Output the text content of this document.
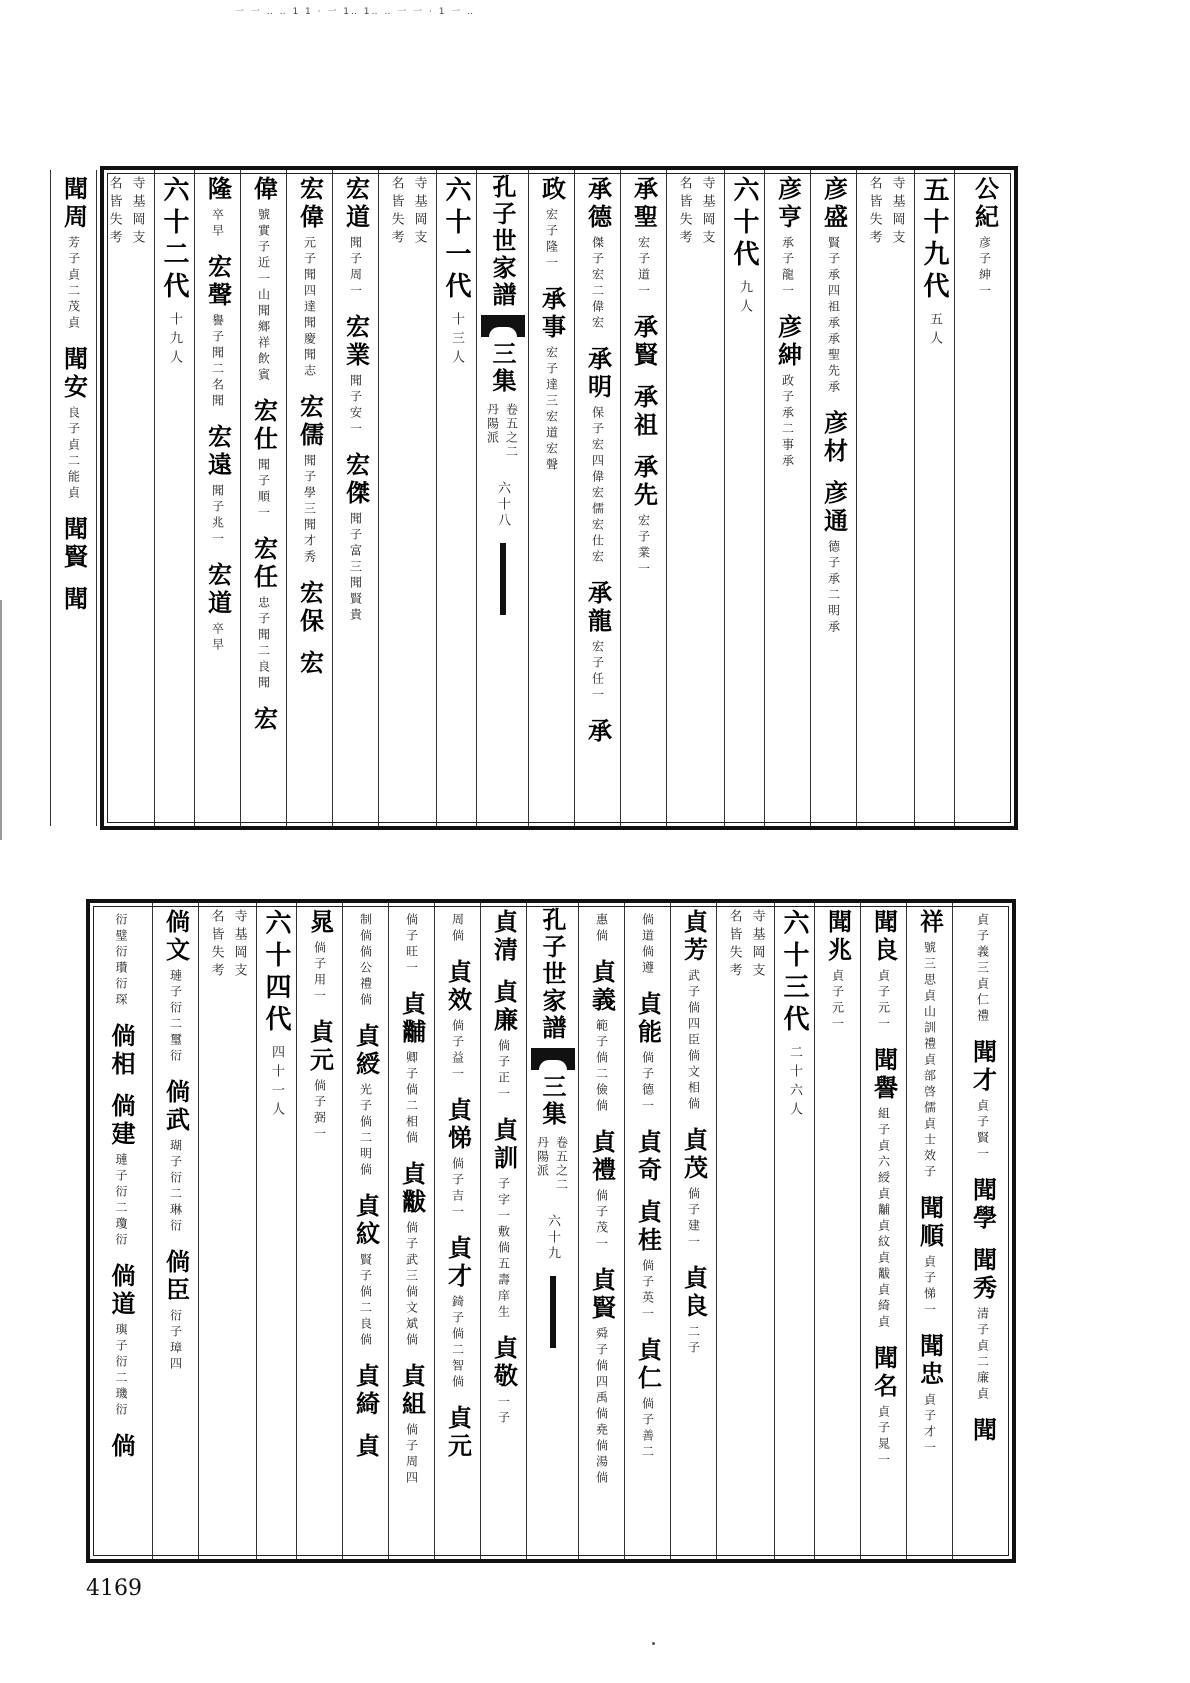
一 一 ‥ ‥ 1 1 · 一 1‥ 1‥ ‥ 一 一 · 1 一 ‥
公紀
彦子紳一
五十九代
五人
寺基岡支
名皆失考
彦盛
賢子承四祖承承聖先承
彦材
彦通
德子承二明承
彦亨
承子龍一
彦紳
政子承二事承
六十代
九人
寺基岡支
名皆失考
承聖
宏子道一
承賢
承祖
承先
宏子業一
承德
傑子宏二偉宏
承明
保子宏四偉宏儒宏仕宏
承龍
宏子任一
承
政
宏子隆一
承事
宏子達三宏道宏聲
孔子世家譜
三集
卷五之二
丹陽派
六十八
六十一代
十三人
寺基岡支
名皆失考
宏道
聞子周一
宏業
聞子安一
宏傑
聞子富三聞賢貴
宏偉
元子聞四達聞慶聞志
宏儒
聞子學三聞才秀
宏保
宏
偉
號實子近一山聞鄉祥飲賓
宏仕
聞子順一
宏任
忠子聞二良聞
宏
隆
卒早
宏聲
譽子聞二名聞
宏遠
聞子兆一
宏道
卒早
六十二代
十九人
寺基岡支
名皆失考
聞周
芳子貞二茂貞
聞安
良子貞二能貞
聞賢
聞
貞子義三貞仁禮
聞才
貞子賢一
聞學
聞秀
清子貞二廉貞
聞
祥
號三思貞山訓禮貞部啓儒貞士效子
聞順
貞子悌一
聞忠
貞子才一
聞良
貞子元一
聞譽
組子貞六綬貞黼貞紋貞黻貞綺貞
聞名
貞子晁一
聞兆
貞子元一
六十三代
二十六人
寺基岡支
名皆失考
貞芳
武子倘四臣倘文相倘
貞茂
倘子建一
貞良
二子
倘道倘遵
貞能
倘子德一
貞奇
貞桂
倘子英一
貞仁
倘子善二
惠倘
貞義
範子倘二儉倘
貞禮
倘子茂一
貞賢
舜子倘四禹倘堯倘湯倘
孔子世家譜
三集
卷五之二
丹陽派
六十九
貞清
貞廉
倘子正一
貞訓
子字一敷倘五壽庠生
貞敬
一子
周倘
貞效
倘子益一
貞悌
倘子吉一
貞才
錡子倘二智倘
貞元
倘子旺一
貞黼
卿子倘二相倘
貞黻
倘子武三倘文斌倘
貞組
倘子周四
制倘倘公禮倘
貞綬
光子倘二明倘
貞紋
賢子倘二良倘
貞綺
貞
晁
倘子用一
貞元
倘子弼一
六十四代
四十一人
寺基岡支
名皆失考
倘文
璉子衍二璽衍
倘武
瑚子衍二琳衍
倘臣
衍子璋四
衍璧衍瓚衍琛
倘相
倘建
璉子衍二瓊衍
倘道
璵子衍二璣衍
倘
4169
